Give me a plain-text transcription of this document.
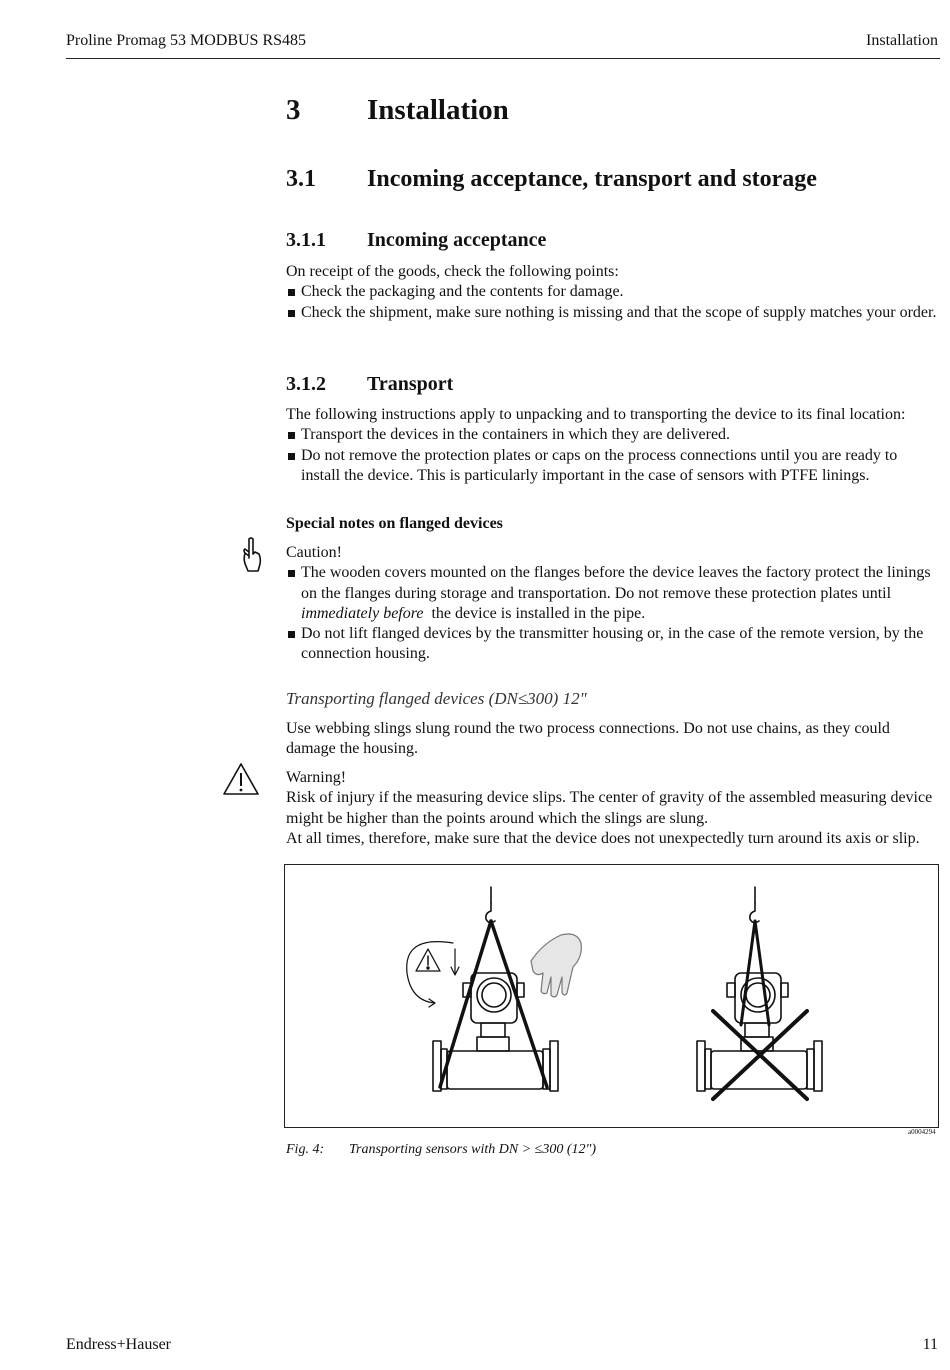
Proline Promag 53 MODBUS RS485	Installation
3 Installation
3.1 Incoming acceptance, transport and storage
3.1.1 Incoming acceptance
On receipt of the goods, check the following points:
Check the packaging and the contents for damage.
Check the shipment, make sure nothing is missing and that the scope of supply matches your order.
3.1.2 Transport
The following instructions apply to unpacking and to transporting the device to its final location:
Transport the devices in the containers in which they are delivered.
Do not remove the protection plates or caps on the process connections until you are ready to install the device. This is particularly important in the case of sensors with PTFE linings.
Special notes on flanged devices
Caution!
The wooden covers mounted on the flanges before the device leaves the factory protect the linings on the flanges during storage and transportation. Do not remove these protection plates until immediately before  the device is installed in the pipe.
Do not lift flanged devices by the transmitter housing or, in the case of the remote version, by the connection housing.
Transporting flanged devices (DN≤300) 12"
Use webbing slings slung round the two process connections. Do not use chains, as they could damage the housing.
Warning!
Risk of injury if the measuring device slips. The center of gravity of the assembled measuring device might be higher than the points around which the slings are slung.
At all times, therefore, make sure that the device does not unexpectedly turn around its axis or slip.
a0004294
Fig. 4: Transporting sensors with DN > ≤300 (12")
Endress+Hauser	11
